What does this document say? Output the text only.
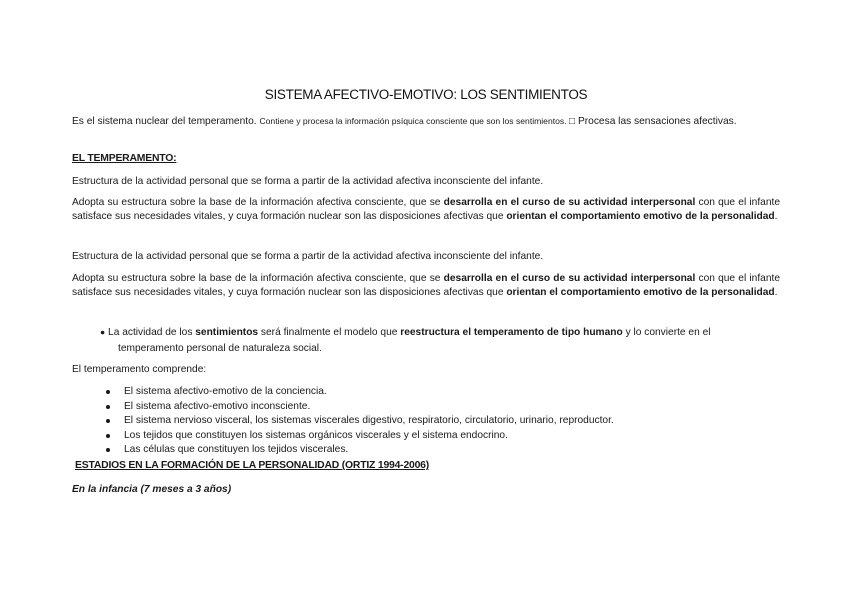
SISTEMA AFECTIVO-EMOTIVO: LOS SENTIMIENTOS

Es el sistema nuclear del temperamento. Contiene y procesa la información psíquica consciente que son los sentimientos. □ Procesa las sensaciones afectivas.

EL TEMPERAMENTO:

Estructura de la actividad personal que se forma a partir de la actividad afectiva inconsciente del infante.

Adopta su estructura sobre la base de la información afectiva consciente, que se desarrolla en el curso de su actividad interpersonal con que el infante satisface sus necesidades vitales, y cuya formación nuclear son las disposiciones afectivas que orientan el comportamiento emotivo de la personalidad.

Estructura de la actividad personal que se forma a partir de la actividad afectiva inconsciente del infante.

Adopta su estructura sobre la base de la información afectiva consciente, que se desarrolla en el curso de su actividad interpersonal con que el infante satisface sus necesidades vitales, y cuya formación nuclear son las disposiciones afectivas que orientan el comportamiento emotivo de la personalidad.

● La actividad de los sentimientos será finalmente el modelo que reestructura el temperamento de tipo humano y lo convierte en el
temperamento personal de naturaleza social.
El temperamento comprende:
El sistema afectivo-emotivo de la conciencia.
El sistema afectivo-emotivo inconsciente.
El sistema nervioso visceral, los sistemas viscerales digestivo, respiratorio, circulatorio, urinario, reproductor.
Los tejidos que constituyen los sistemas orgánicos viscerales y el sistema endocrino.
Las células que constituyen los tejidos viscerales.
ESTADIOS EN LA FORMACIÓN DE LA PERSONALIDAD (ORTIZ 1994-2006)
En la infancia (7 meses a 3 años)
